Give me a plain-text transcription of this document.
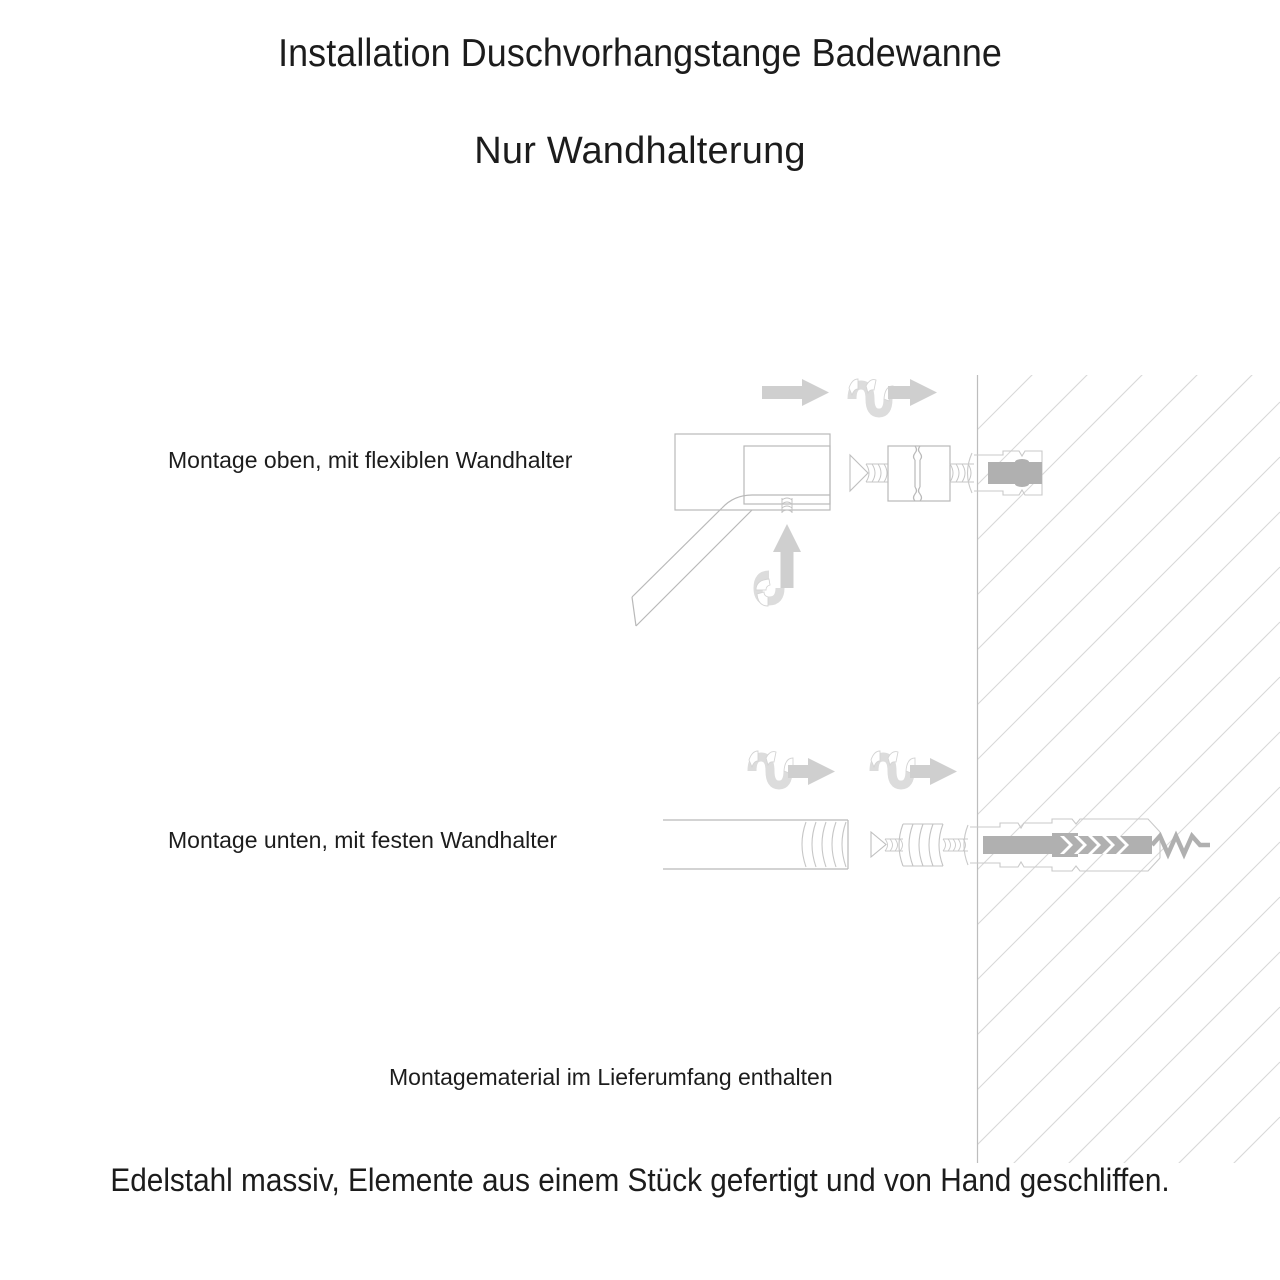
Installation Duschvorhangstange Badewanne
Nur Wandhalterung
Montage oben, mit flexiblen Wandhalter
Montage unten, mit festen Wandhalter
Montagematerial im Lieferumfang enthalten
Edelstahl massiv, Elemente aus einem Stück gefertigt und von Hand geschliffen.
